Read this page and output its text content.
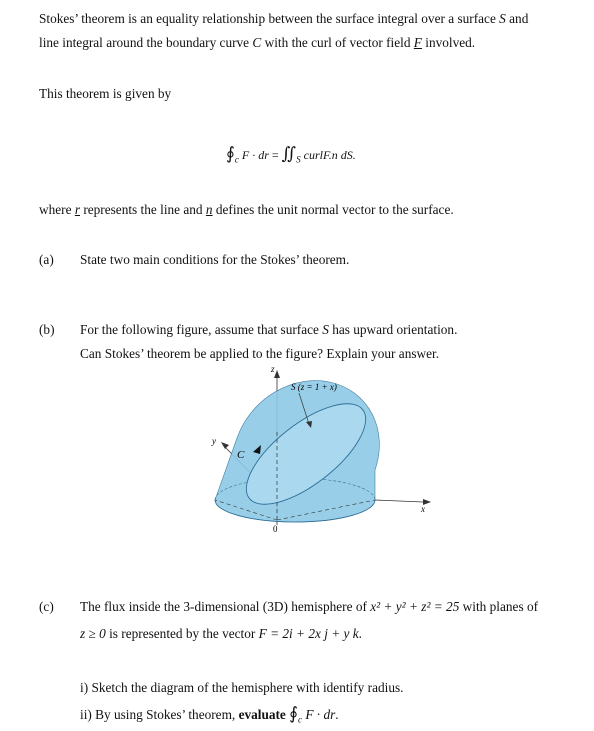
Stokes’ theorem is an equality relationship between the surface integral over a surface S and
line integral around the boundary curve C with the curl of vector field F involved.
This theorem is given by
$∮_c$ F · dr = $∬_S$ curlF.n dS.
where r represents the line and n defines the unit normal vector to the surface.
(a) State two main conditions for the Stokes’ theorem.
(b) For the following figure, assume that surface S has upward orientation.
Can Stokes’ theorem be applied to the figure? Explain your answer.
z
y
x
0
C
S (z = 1 + x)
(c) The flux inside the 3-dimensional (3D) hemisphere of x² + y² + z² = 25 with planes of
z ≥ 0 is represented by the vector F = 2i + 2x j + y k.
i) Sketch the diagram of the hemisphere with identify radius.
ii) By using Stokes’ theorem, evaluate $∮_c$ F · dr.
